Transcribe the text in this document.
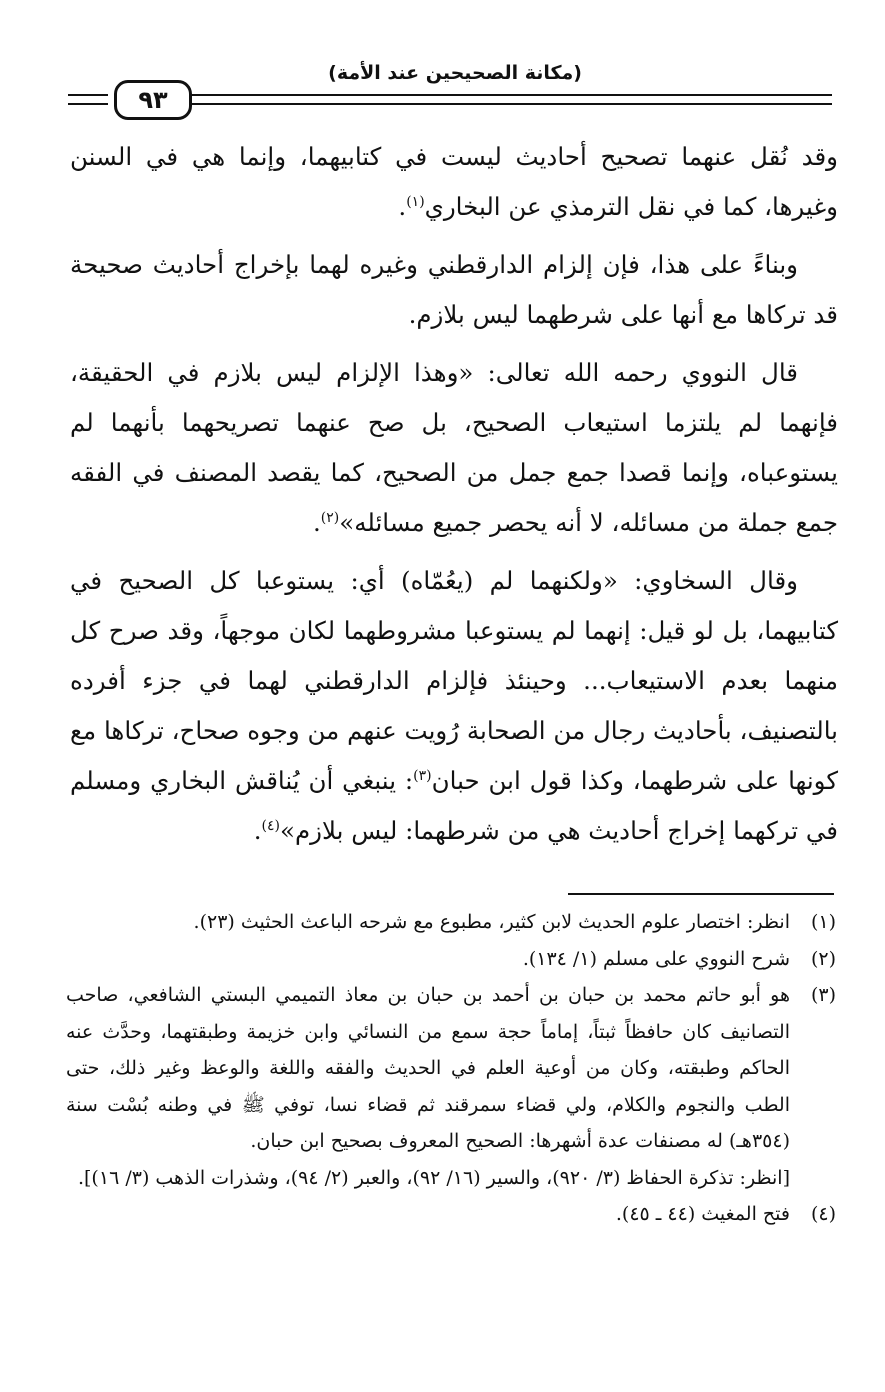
(مكانة الصحيحين عند الأمة)
٩٣

وقد نُقل عنهما تصحيح أحاديث ليست في كتابيهما، وإنما هي في السنن وغيرها، كما في نقل الترمذي عن البخاري$^{(١)}$.

وبناءً على هذا، فإن إلزام الدارقطني وغيره لهما بإخراج أحاديث صحيحة قد تركاها مع أنها على شرطهما ليس بلازم.

قال النووي رحمه الله تعالى: «وهذا الإلزام ليس بلازم في الحقيقة، فإنهما لم يلتزما استيعاب الصحيح، بل صح عنهما تصريحهما بأنهما لم يستوعباه، وإنما قصدا جمع جمل من الصحيح، كما يقصد المصنف في الفقه جمع جملة من مسائله، لا أنه يحصر جميع مسائله»$^{(٢)}$.

وقال السخاوي: «ولكنهما لم (يعُمّاه) أي: يستوعبا كل الصحيح في كتابيهما، بل لو قيل: إنهما لم يستوعبا مشروطهما لكان موجهاً، وقد صرح كل منهما بعدم الاستيعاب... وحينئذ فإلزام الدارقطني لهما في جزء أفرده بالتصنيف، بأحاديث رجال من الصحابة رُويت عنهم من وجوه صحاح، تركاها مع كونها على شرطهما، وكذا قول ابن حبان$^{(٣)}$: ينبغي أن يُناقش البخاري ومسلم في تركهما إخراج أحاديث هي من شرطهما: ليس بلازم»$^{(٤)}$.

(١)
انظر: اختصار علوم الحديث لابن كثير، مطبوع مع شرحه الباعث الحثيث (٢٣).
(٢)
شرح النووي على مسلم (١/ ١٣٤).
(٣)
هو أبو حاتم محمد بن حبان بن أحمد بن حبان بن معاذ التميمي البستي الشافعي، صاحب التصانيف كان حافظاً ثبتاً، إماماً حجة سمع من النسائي وابن خزيمة وطبقتهما، وحدَّث عنه الحاكم وطبقته، وكان من أوعية العلم في الحديث والفقه واللغة والوعظ وغير ذلك، حتى الطب والنجوم والكلام، ولي قضاء سمرقند ثم قضاء نسا، توفي ﷺ في وطنه بُسْت سنة (٣٥٤هـ) له مصنفات عدة أشهرها: الصحيح المعروف بصحيح ابن حبان.
[انظر: تذكرة الحفاظ (٣/ ٩٢٠)، والسير (١٦/ ٩٢)، والعبر (٢/ ٩٤)، وشذرات الذهب (٣/ ١٦)].
(٤)
فتح المغيث (٤٤ ـ ٤٥).
